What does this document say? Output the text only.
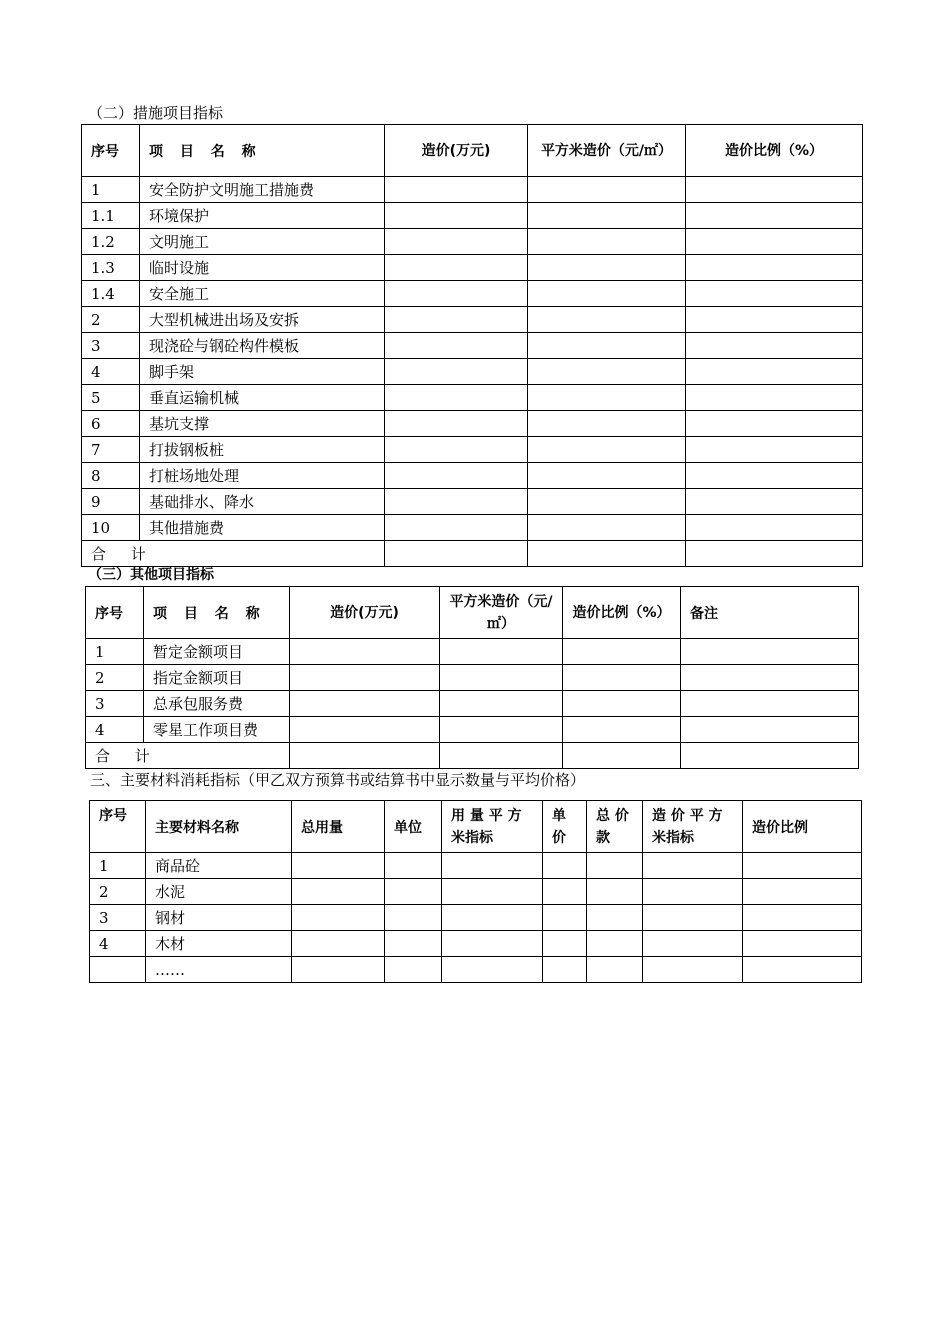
（二）措施项目指标
序号	项 目 名 称	造价(万元)	平方米造价（元/㎡）	造价比例（%）
1	安全防护文明施工措施费			
1.1	环境保护			
1.2	文明施工			
1.3	临时设施			
1.4	安全施工			
2	大型机械进出场及安拆			
3	现浇砼与钢砼构件模板			
4	脚手架			
5	垂直运输机械			
6	基坑支撑			
7	打拔钢板桩			
8	打桩场地处理			
9	基础排水、降水			
10	其他措施费			
合 计				
（三）其他项目指标
序号	项 目 名 称	造价(万元)	平方米造价（元/㎡）	造价比例（%）	备注
1	暂定金额项目				
2	指定金额项目				
3	总承包服务费				
4	零星工作项目费				
合 计					
三、主要材料消耗指标（甲乙双方预算书或结算书中显示数量与平均价格）
序号	主要材料名称	总用量	单位	用 量 平 方 米指标	单 价	总 价 款	造 价 平 方 米指标	造价比例
1	商品砼							
2	水泥							
3	钢材							
4	木材							
	……							
